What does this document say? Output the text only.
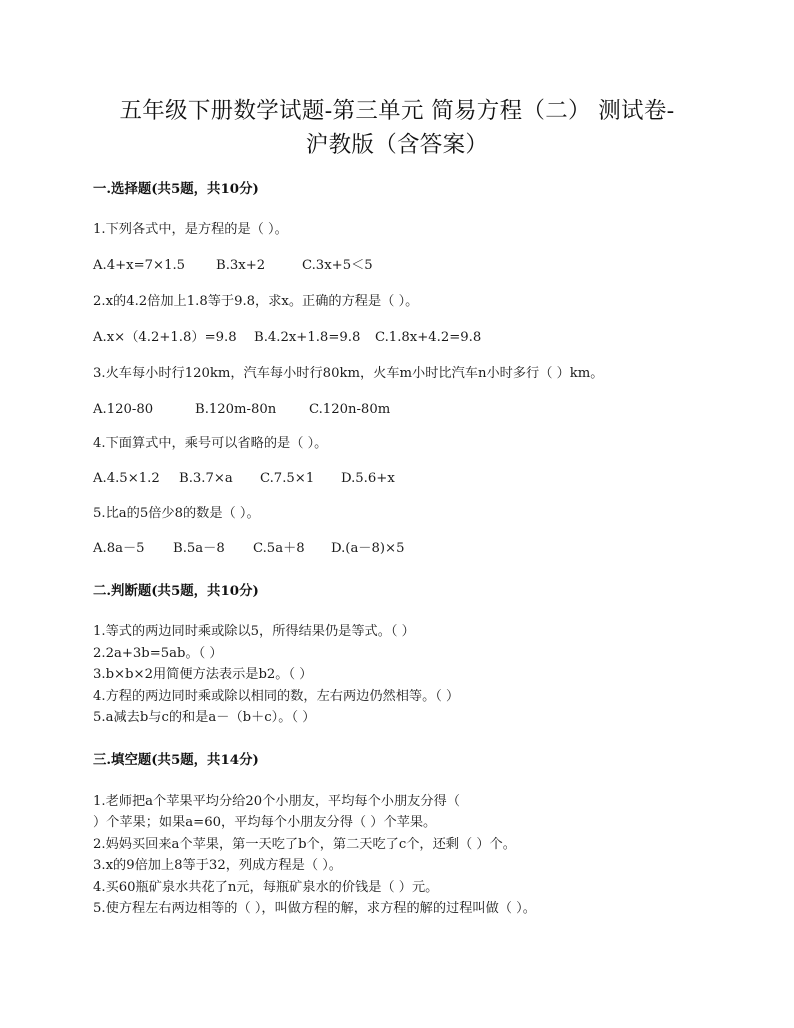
五年级下册数学试题-第三单元 简易方程（二） 测试卷-
沪教版（含答案）
一.选择题(共5题，共10分)
1.下列各式中，是方程的是（ ）。
A.4+x=7×1.5 B.3x+2	C.3x+5＜5
2.x的4.2倍加上1.8等于9.8，求x。正确的方程是（ ）。
A.x×（4.2+1.8）=9.8 B.4.2x+1.8=9.8 C.1.8x+4.2=9.8
3.火车每小时行120km，汽车每小时行80km，火车m小时比汽车n小时多行（ ）km。
A.120-80	B.120m-80n C.120n-80m
4.下面算式中，乘号可以省略的是（ ）。
A.4.5×1.2 B.3.7×a C.7.5×1 D.5.6+x
5.比a的5倍少8的数是（ ）。
A.8a－5 B.5a－8 C.5a＋8 D.(a－8)×5
二.判断题(共5题，共10分)
1.等式的两边同时乘或除以5，所得结果仍是等式。（ ）
2.2a+3b=5ab。（ ）
3.b×b×2用简便方法表示是b2。（ ）
4.方程的两边同时乘或除以相同的数，左右两边仍然相等。（ ）
5.a减去b与c的和是a－（b＋c）。（ ）
三.填空题(共5题，共14分)
1.老师把a个苹果平均分给20个小朋友，平均每个小朋友分得（
）个苹果；如果a=60，平均每个小朋友分得（ ）个苹果。
2.妈妈买回来a个苹果，第一天吃了b个，第二天吃了c个，还剩（ ）个。
3.x的9倍加上8等于32，列成方程是（ ）。
4.买60瓶矿泉水共花了n元，每瓶矿泉水的价钱是（ ）元。
5.使方程左右两边相等的（ ），叫做方程的解，求方程的解的过程叫做（ ）。
